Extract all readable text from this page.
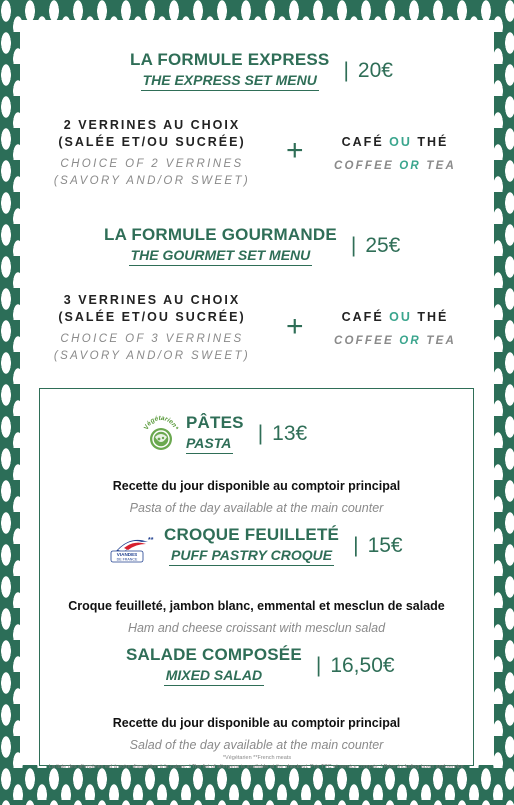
LA FORMULE EXPRESS
THE EXPRESS SET MENU | 20€
2 VERRINES AU CHOIX
(SALÉE ET/OU SUCRÉE)
CHOICE OF 2 VERRINES
(SAVORY AND/OR SWEET)
+	CAFÉ OU THÉ
COFFEE OR TEA
LA FORMULE GOURMANDE
THE GOURMET SET MENU | 25€
3 VERRINES AU CHOIX
(SALÉE ET/OU SUCRÉE)
CHOICE OF 3 VERRINES
(SAVORY AND/OR SWEET)
+	CAFÉ OU THÉ
COFFEE OR TEA
Végétarien* PÂTES
PASTA | 13€
Recette du jour disponible au comptoir principal
Pasta of the day available at the main counter
**
VIANDES
DE FRANCE
CROQUE FEUILLETÉ
PUFF PASTRY CROQUE | 15€
Croque feuilleté, jambon blanc, emmental et mesclun de salade
Ham and cheese croissant with mesclun salad
SALADE COMPOSÉE
MIXED SALAD	| 16,50€
Recette du jour disponible au comptoir principal
Salad of the day available at the main counter
*Végétarien **French meats
La liste des allergènes est à votre disposition à la caisse. / The list of allergens is available at the checkout. Prix TTC et service compris. / Price including taxes and service.
